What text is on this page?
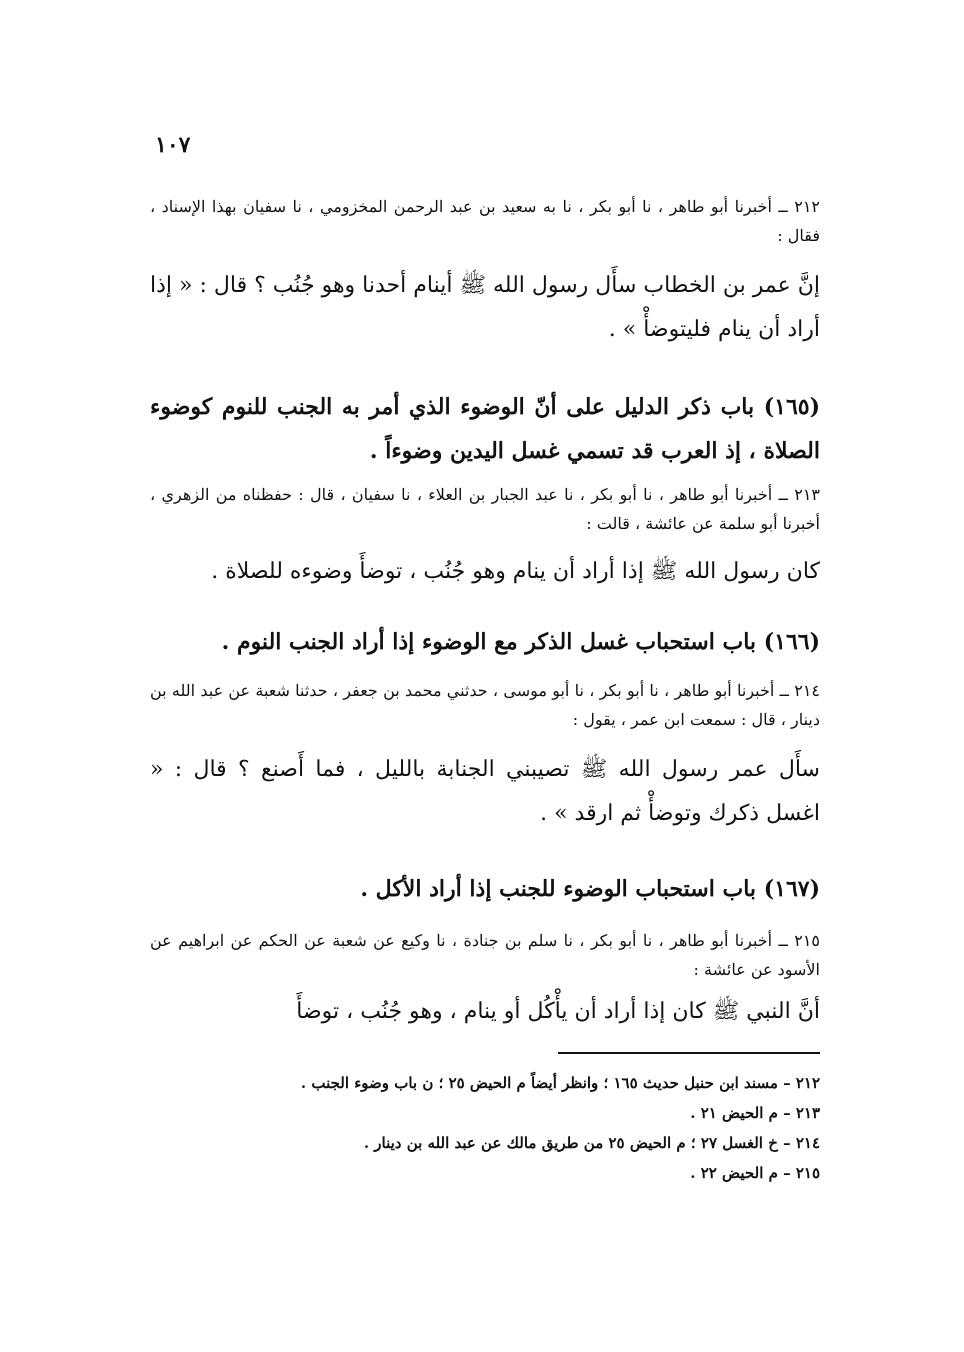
١٠٧
٢١٢ ــ أخبرنا أبو طاهر ، نا أبو بكر ، نا به سعيد بن عبد الرحمن المخزومي ، نا سفيان بهذا الإسناد ، فقال :
إنَّ عمر بن الخطاب سأَل رسول الله ﷺ أينام أحدنا وهو جُنُب ؟ قال : « إذا أراد أن ينام فليتوضأْ » .
(١٦٥) باب ذكر الدليل على أنّ الوضوء الذي أمر به الجنب للنوم كوضوء الصلاة ، إذ العرب قد تسمي غسل اليدين وضوءاً .
٢١٣ ــ أخبرنا أبو طاهر ، نا أبو بكر ، نا عبد الجبار بن العلاء ، نا سفيان ، قال : حفظناه من الزهري ، أخبرنا أبو سلمة عن عائشة ، قالت :
كان رسول الله ﷺ إذا أراد أن ينام وهو جُنُب ، توضأَ وضوءه للصلاة .
(١٦٦) باب استحباب غسل الذكر مع الوضوء إذا أراد الجنب النوم .
٢١٤ ــ أخبرنا أبو طاهر ، نا أبو بكر ، نا أبو موسى ، حدثني محمد بن جعفر ، حدثنا شعبة عن عبد الله بن دينار ، قال : سمعت ابن عمر ، يقول :
سأَل عمر رسول الله ﷺ تصيبني الجنابة بالليل ، فما أَصنع ؟ قال : « اغسل ذكرك وتوضأْ ثم ارقد » .
(١٦٧) باب استحباب الوضوء للجنب إذا أراد الأكل .
٢١٥ ــ أخبرنا أبو طاهر ، نا أبو بكر ، نا سلم بن جنادة ، نا وكيع عن شعبة عن الحكم عن ابراهيم عن الأسود عن عائشة :
أنَّ النبي ﷺ كان إذا أراد أن يأْكُل أو ينام ، وهو جُنُب ، توضأَ
٢١٢ – مسند ابن حنبل حديث ١٦٥ ؛ وانظر أيضاً م الحيض ٢٥ ؛ ن باب وضوء الجنب .
٢١٣ – م الحيض ٢١ .
٢١٤ – خ الغسل ٢٧ ؛ م الحيض ٢٥ من طريق مالك عن عبد الله بن دينار .
٢١٥ – م الحيض ٢٢ .
